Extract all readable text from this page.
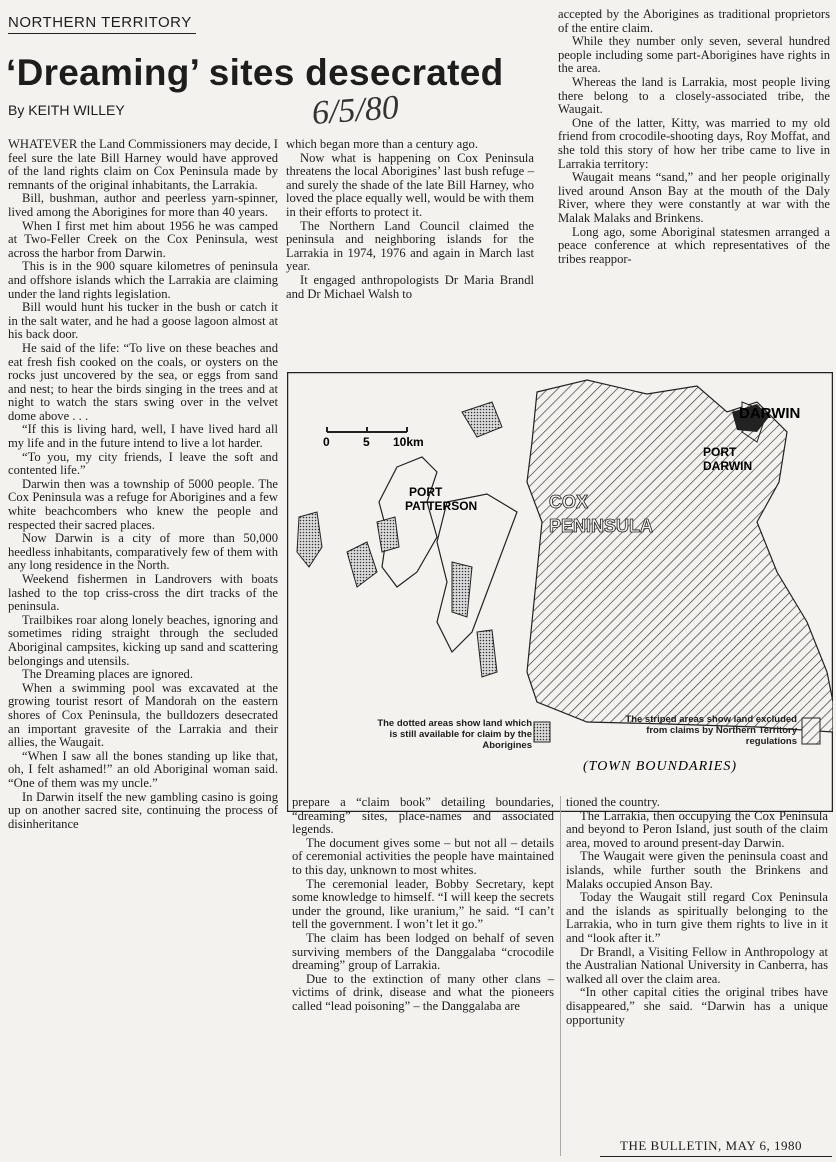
NORTHERN TERRITORY
‘Dreaming’ sites desecrated
By KEITH WILLEY	6/5/80

WHATEVER the Land Commissioners may decide, I feel sure the late Bill Harney would have approved of the land rights claim on Cox Peninsula made by remnants of the original inhabitants, the Larrakia.

Bill, bushman, author and peerless yarn-spinner, lived among the Aborigines for more than 40 years.

When I first met him about 1956 he was camped at Two-Feller Creek on the Cox Peninsula, west across the harbor from Darwin.

This is in the 900 square kilometres of peninsula and offshore islands which the Larrakia are claiming under the land rights legislation.

Bill would hunt his tucker in the bush or catch it in the salt water, and he had a goose lagoon almost at his back door.

He said of the life: “To live on these beaches and eat fresh fish cooked on the coals, or oysters on the rocks just uncovered by the sea, or eggs from sand and nest; to hear the birds singing in the trees and at night to watch the stars swing over in the velvet dome above . . .

“If this is living hard, well, I have lived hard all my life and in the future intend to live a lot harder.

“To you, my city friends, I leave the soft and contented life.”

Darwin then was a township of 5000 people. The Cox Peninsula was a refuge for Aborigines and a few white beachcombers who knew the people and respected their sacred places.

Now Darwin is a city of more than 50,000 heedless inhabitants, comparatively few of them with any long residence in the North.

Weekend fishermen in Landrovers with boats lashed to the top criss-cross the dirt tracks of the peninsula.

Trailbikes roar along lonely beaches, ignoring and sometimes riding straight through the secluded Aboriginal campsites, kicking up sand and scattering belongings and utensils.

The Dreaming places are ignored.

When a swimming pool was excavated at the growing tourist resort of Mandorah on the eastern shores of Cox Peninsula, the bulldozers desecrated an important gravesite of the Larrakia and their allies, the Waugait.

“When I saw all the bones standing up like that, oh, I felt ashamed!” an old Aboriginal woman said. “One of them was my uncle.”

In Darwin itself the new gambling casino is going up on another sacred site, continuing the process of disinheritance

which began more than a century ago.

Now what is happening on Cox Peninsula threatens the local Aborigines’ last bush refuge – and surely the shade of the late Bill Harney, who loved the place equally well, would be with them in their efforts to protect it.

The Northern Land Council claimed the peninsula and neighboring islands for the Larrakia in 1974, 1976 and again in March last year.

It engaged anthropologists Dr Maria Brandl and Dr Michael Walsh to

accepted by the Aborigines as traditional proprietors of the entire claim.

While they number only seven, several hundred people including some part-Aborigines have rights in the area.

Whereas the land is Larrakia, most people living there belong to a closely-associated tribe, the Waugait.

One of the latter, Kitty, was married to my old friend from crocodile-shooting days, Roy Moffat, and she told this story of how her tribe came to live in Larrakia territory:

Waugait means “sand,” and her people originally lived around Anson Bay at the mouth of the Daly River, where they were constantly at war with the Malak Malaks and Brinkens.

Long ago, some Aboriginal statesmen arranged a peace conference at which representatives of the tribes reappor-

0	5 10km
DARWIN
PORT
DARWIN
PORT
PATTERSON	COX
PENINSULA
The dotted areas show land which is still available for claim by the Aborigines
The striped areas show land excluded from claims by Northern Territory regulations
(TOWN BOUNDARIES)

prepare a “claim book” detailing boundaries, “dreaming” sites, place-names and associated legends.

The document gives some – but not all – details of ceremonial activities the people have maintained to this day, unknown to most whites.

The ceremonial leader, Bobby Secretary, kept some knowledge to himself. “I will keep the secrets under the ground, like uranium,” he said. “I can’t tell the government. I won’t let it go.”

The claim has been lodged on behalf of seven surviving members of the Danggalaba “crocodile dreaming” group of Larrakia.

Due to the extinction of many other clans – victims of drink, disease and what the pioneers called “lead poisoning” – the Danggalaba are

tioned the country.

The Larrakia, then occupying the Cox Peninsula and beyond to Peron Island, just south of the claim area, moved to around present-day Darwin.

The Waugait were given the peninsula coast and islands, while further south the Brinkens and Malaks occupied Anson Bay.

Today the Waugait still regard Cox Peninsula and the islands as spiritually belonging to the Larrakia, who in turn give them rights to live in it and “look after it.”

Dr Brandl, a Visiting Fellow in Anthropology at the Australian National University in Canberra, has walked all over the claim area.

“In other capital cities the original tribes have disappeared,” she said. “Darwin has a unique opportunity

THE BULLETIN, MAY 6, 1980
